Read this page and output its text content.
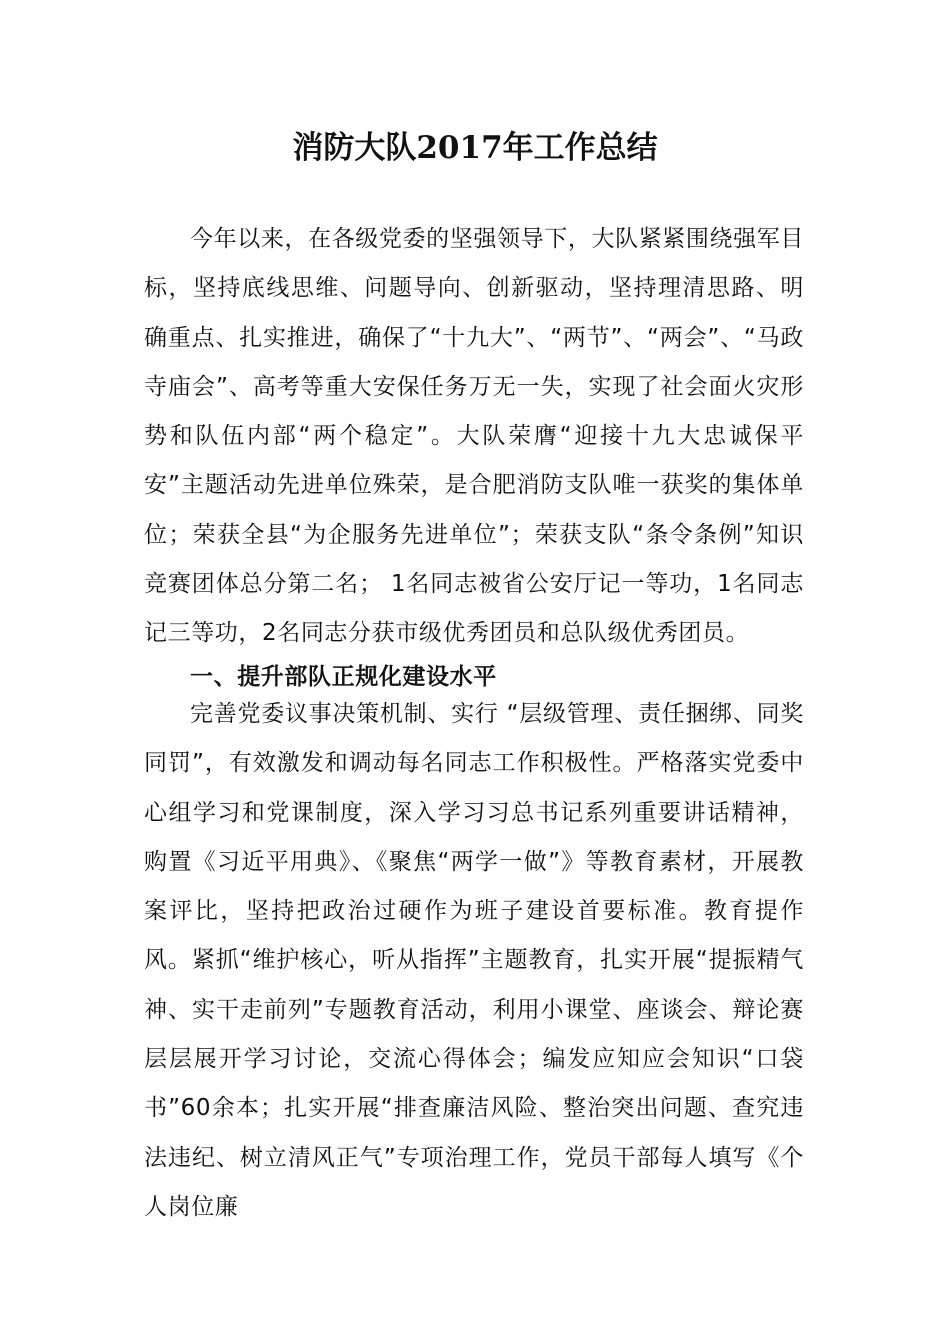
消防大队2017年工作总结

今年以来，在各级党委的坚强领导下，大队紧紧围绕强军目标，坚持底线思维、问题导向、创新驱动，坚持理清思路、明确重点、扎实推进，确保了“十九大”、“两节”、“两会”、“马政寺庙会”、高考等重大安保任务万无一失，实现了社会面火灾形势和队伍内部“两个稳定”。大队荣膺“迎接十九大忠诚保平安”主题活动先进单位殊荣，是合肥消防支队唯一获奖的集体单位；荣获全县“为企服务先进单位”；荣获支队“条令条例”知识竞赛团体总分第二名； 1名同志被省公安厅记一等功，1名同志记三等功，2名同志分获市级优秀团员和总队级优秀团员。

一、提升部队正规化建设水平

完善党委议事决策机制、实行 “层级管理、责任捆绑、同奖同罚”，有效激发和调动每名同志工作积极性。严格落实党委中心组学习和党课制度，深入学习习总书记系列重要讲话精神，购置《习近平用典》、《聚焦“两学一做”》等教育素材，开展教案评比，坚持把政治过硬作为班子建设首要标准。教育提作风。紧抓“维护核心，听从指挥”主题教育，扎实开展“提振精气神、实干走前列”专题教育活动，利用小课堂、座谈会、辩论赛层层展开学习讨论，交流心得体会；编发应知应会知识“口袋书”60余本；扎实开展“排查廉洁风险、整治突出问题、查究违法违纪、树立清风正气”专项治理工作，党员干部每人填写《个人岗位廉
